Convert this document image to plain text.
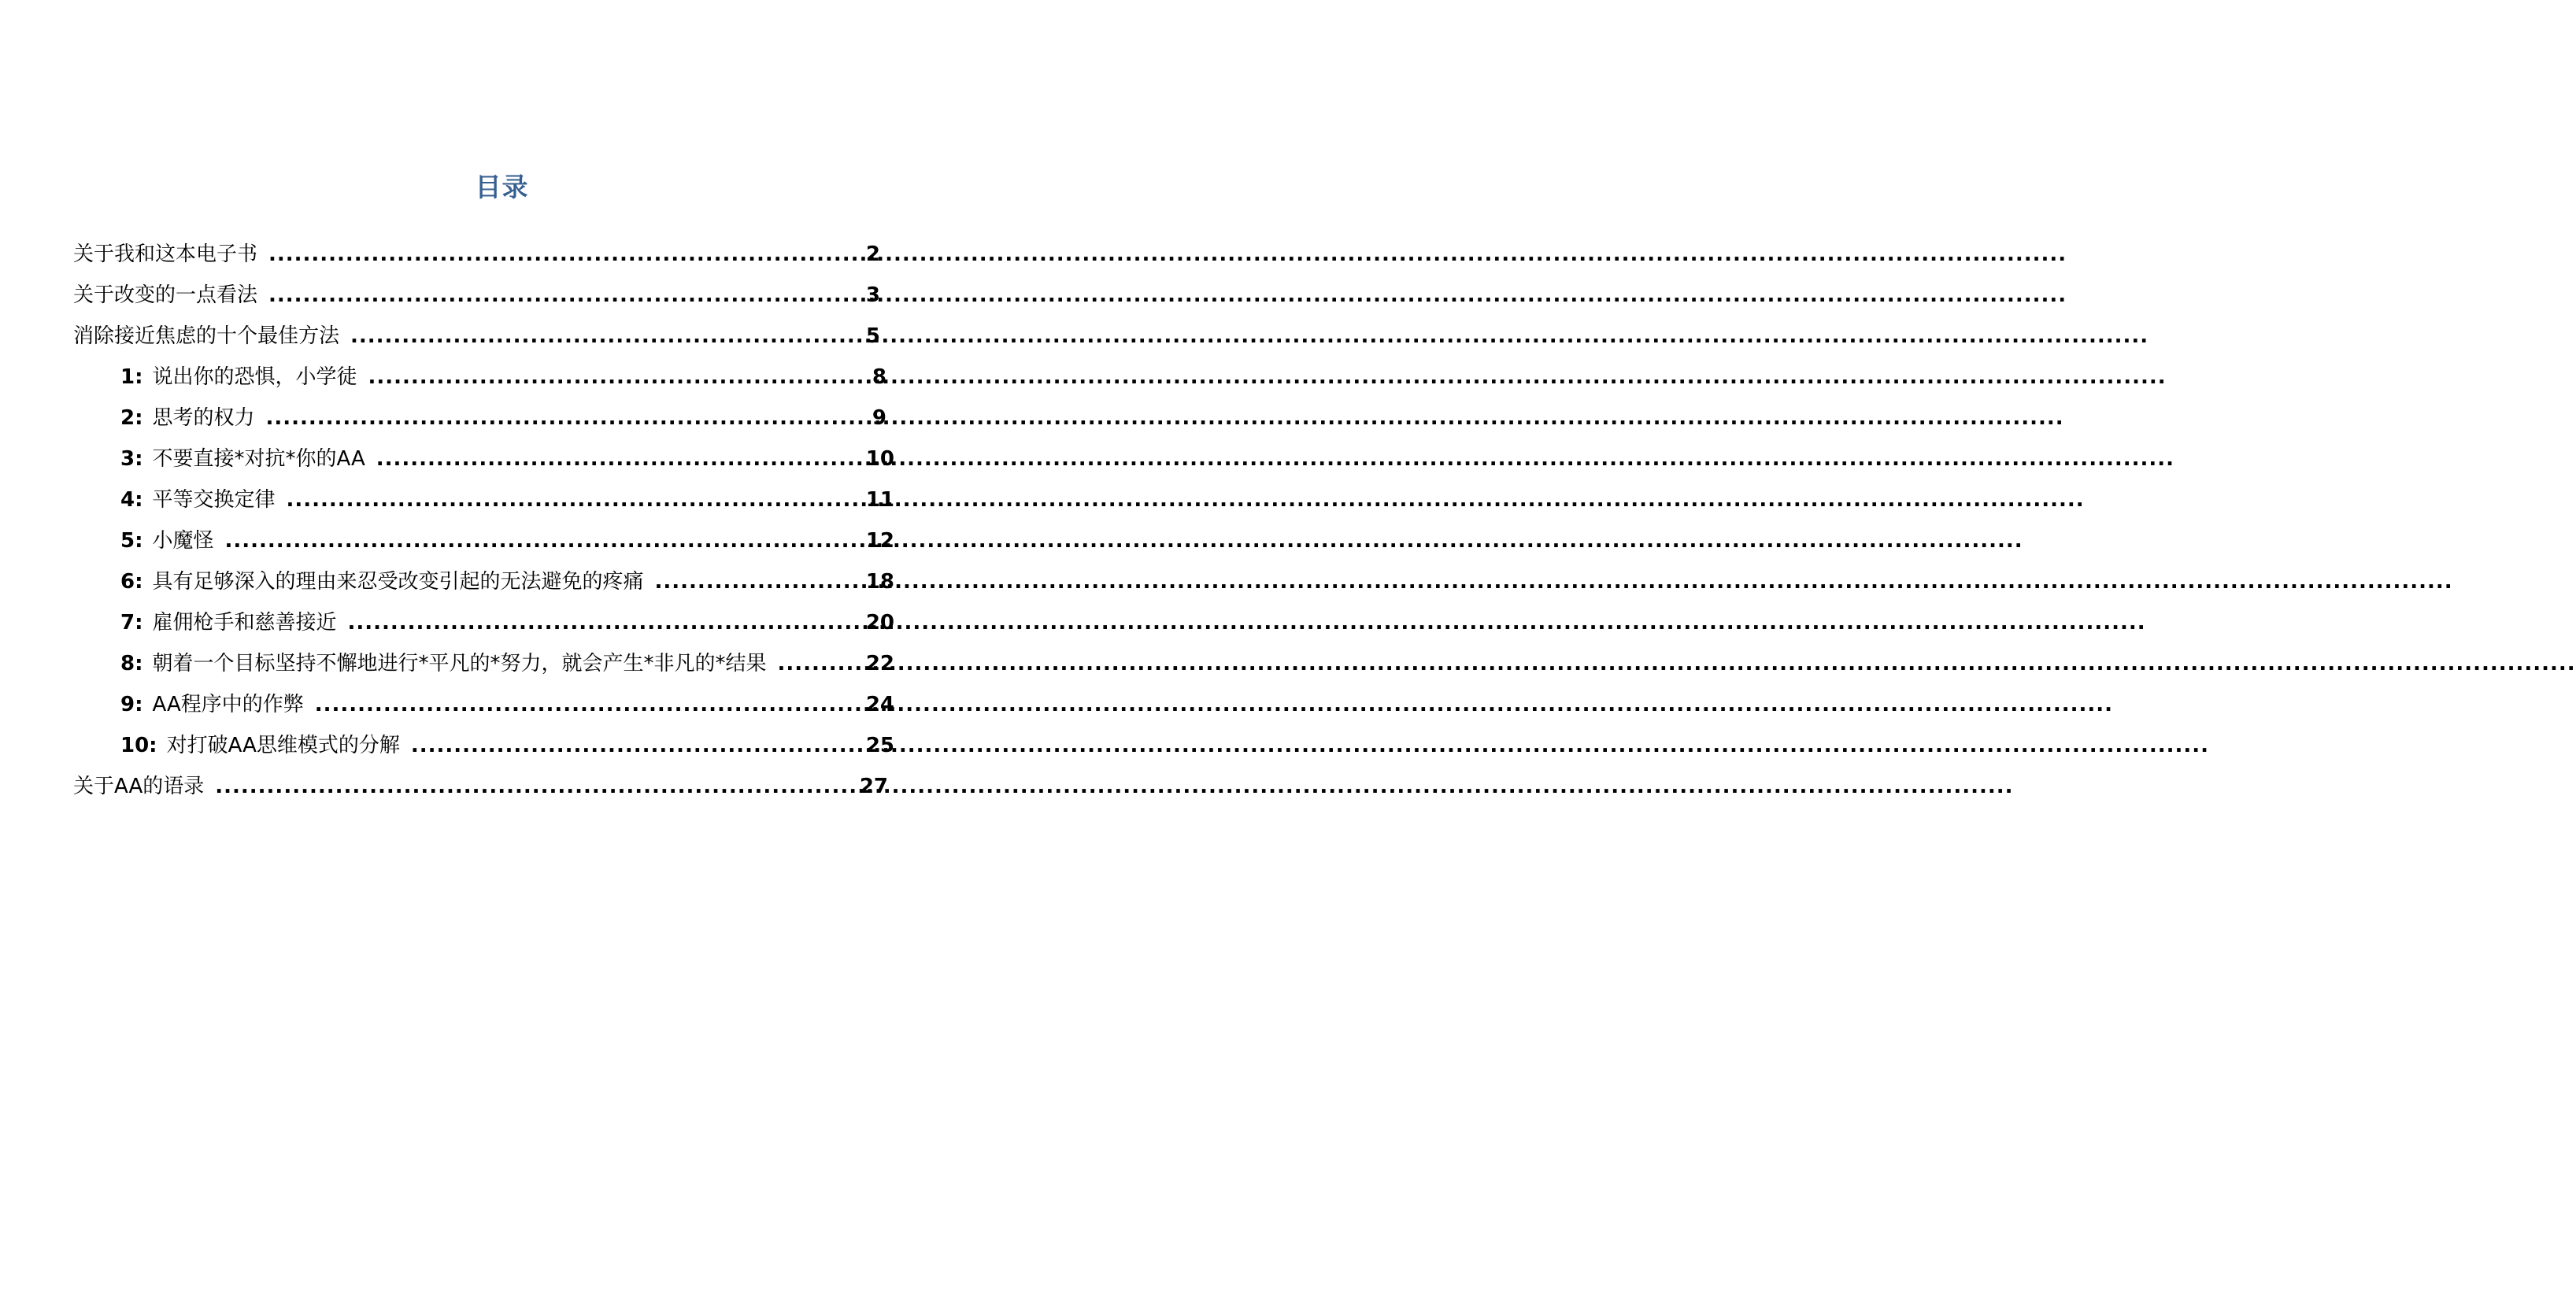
目录
关于我和这本电子书 .....	2
关于改变的一点看法 .....	3
消除接近焦虑的十个最佳方法 .....	5
1: 说出你的恐惧，小学徒 .....	8
2: 思考的权力 .....	9
3: 不要直接*对抗*你的AA .....	10
4: 平等交换定律 .....	11
5: 小魔怪 .....	12
6: 具有足够深入的理由来忍受改变引起的无法避免的疼痛 .....	18
7: 雇佣枪手和慈善接近 .....	20
8: 朝着一个目标坚持不懈地进行*平凡的*努力，就会产生*非凡的*结果 .....	22
9: AA程序中的作弊 .....	24
10: 对打破AA思维模式的分解 .....	25
关于AA的语录 .....	27
